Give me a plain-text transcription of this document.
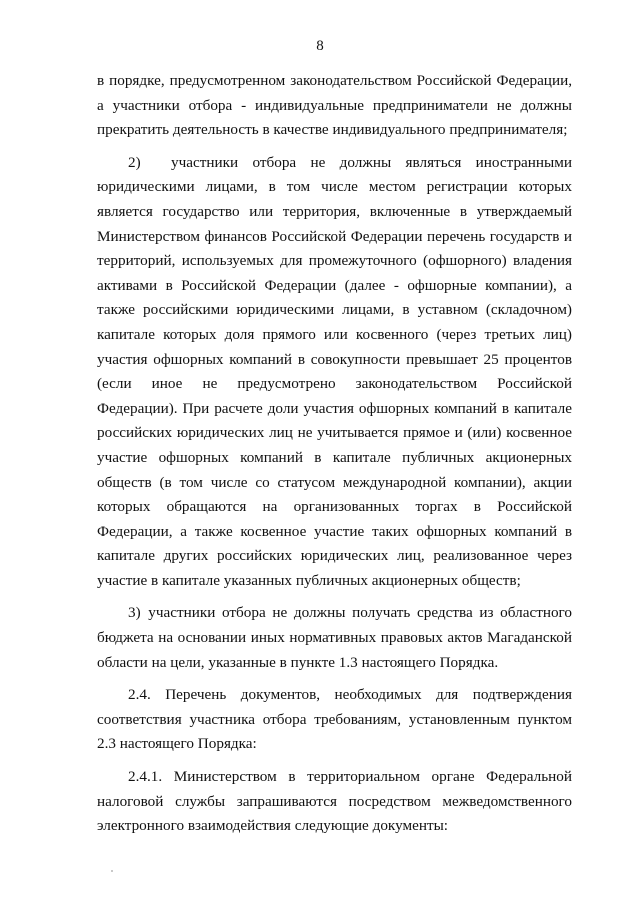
8

в порядке, предусмотренном законодательством Российской Федерации, а участники отбора - индивидуальные предприниматели не должны прекратить деятельность в качестве индивидуального предпринимателя;

2)  участники отбора не должны являться иностранными юридическими лицами, в том числе местом регистрации которых является государство или территория, включенные в утверждаемый Министерством финансов Российской Федерации перечень государств и территорий, используемых для промежуточного (офшорного) владения активами в Российской Федерации (далее - офшорные компании), а также российскими юридическими лицами, в уставном (складочном) капитале которых доля прямого или косвенного (через третьих лиц) участия офшорных компаний в совокупности превышает 25 процентов (если иное не предусмотрено законодательством Российской Федерации). При расчете доли участия офшорных компаний в капитале российских юридических лиц не учитывается прямое и (или) косвенное участие офшорных компаний в капитале публичных акционерных обществ (в том числе со статусом международной компании), акции которых обращаются на организованных торгах в Российской Федерации, а также косвенное участие таких офшорных компаний в капитале других российских юридических лиц, реализованное через участие в капитале указанных публичных акционерных обществ;

3) участники отбора не должны получать средства из областного бюджета на основании иных нормативных правовых актов Магаданской области на цели, указанные в пункте 1.3 настоящего Порядка.

2.4. Перечень документов, необходимых для подтверждения соответствия участника отбора требованиям, установленным пунктом 2.3 настоящего Порядка:

2.4.1. Министерством в территориальном органе Федеральной налоговой службы запрашиваются посредством межведомственного электронного взаимодействия следующие документы:
